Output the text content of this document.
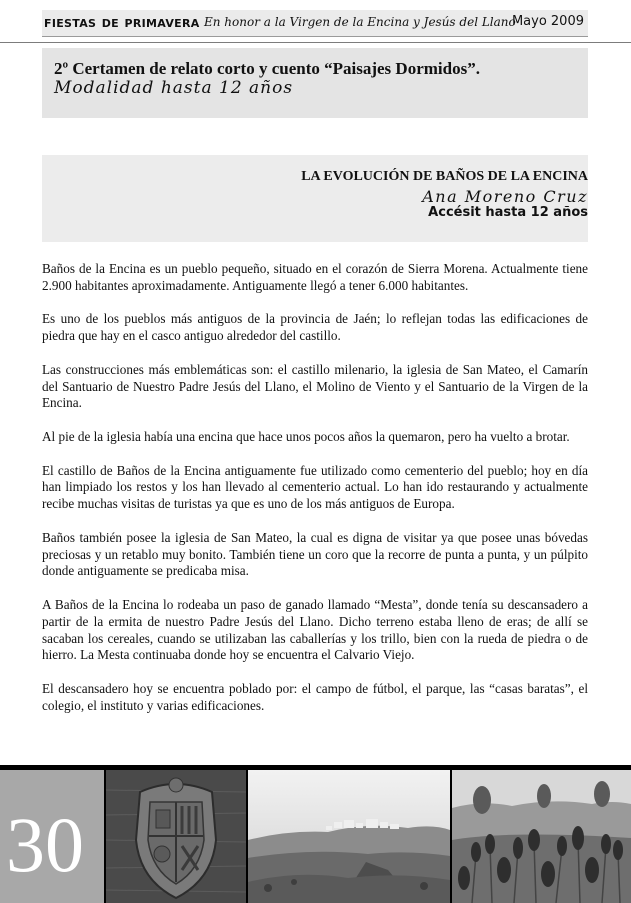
fiestas de primavera En honor a la Virgen de la Encina y Jesús del Llano
Mayo 2009
2º Certamen de relato corto y cuento “Paisajes Dormidos”.
Modalidad hasta 12 años
LA EVOLUCIÓN DE BAÑOS DE LA ENCINA
Ana Moreno Cruz
Accésit hasta 12 años

Baños de la Encina es un pueblo pequeño, situado en el corazón de Sierra Morena. Actualmente tiene 2.900 habitantes aproximadamente. Antiguamente llegó a tener 6.000 habitantes.

Es uno de los pueblos más antiguos de la provincia de Jaén; lo reflejan todas las edificaciones de piedra que hay en el casco antiguo alrededor del castillo.

Las construcciones más emblemáticas son: el castillo milenario, la iglesia de San Mateo, el Camarín del Santuario de Nuestro Padre Jesús del Llano, el Molino de Viento y el Santuario de la Virgen de la Encina.

Al pie de la iglesia había una encina que hace unos pocos años la quemaron, pero ha vuelto a brotar.

El castillo de Baños de la Encina antiguamente fue utilizado como cementerio del pueblo; hoy en día han limpiado los restos y los han llevado al cementerio actual. Lo han ido restaurando y actualmente recibe muchas visitas de turistas ya que es uno de los más antiguos de Europa.

Baños también posee la iglesia de San Mateo, la cual es digna de visitar ya que posee unas bóvedas preciosas y un retablo muy bonito. También tiene un coro que la recorre de punta a punta, y un púlpito donde antiguamente se predicaba misa.

A Baños de la Encina lo rodeaba un paso de ganado llamado “Mesta”, donde tenía su descansadero a partir de la ermita de nuestro Padre Jesús del Llano. Dicho terreno estaba lleno de eras; de allí se sacaban los cereales, cuando se utilizaban las caballerías y los trillo, bien con la rueda de piedra o de hierro. La Mesta continuaba donde hoy se encuentra el Calvario Viejo.

El descansadero hoy se encuentra poblado por: el campo de fútbol, el parque, las “casas baratas”, el colegio, el instituto y varias edificaciones.

30
